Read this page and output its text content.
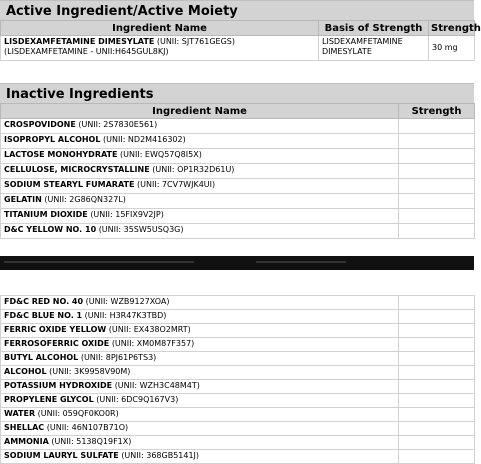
Active Ingredient/Active Moiety
Ingredient Name	Basis of Strength	Strength
LISDEXAMFETAMINE DIMESYLATE (UNII: SJT761GEGS) (LISDEXAMFETAMINE - UNII:H645GUL8KJ)	LISDEXAMFETAMINE DIMESYLATE	30 mg
Inactive Ingredients
Ingredient Name	Strength
CROSPOVIDONE (UNII: 2S7830E561)	
ISOPROPYL ALCOHOL (UNII: ND2M416302)	
LACTOSE MONOHYDRATE (UNII: EWQ57Q8I5X)	
CELLULOSE, MICROCRYSTALLINE (UNII: OP1R32D61U)	
SODIUM STEARYL FUMARATE (UNII: 7CV7WJK4UI)	
GELATIN (UNII: 2G86QN327L)	
TITANIUM DIOXIDE (UNII: 15FIX9V2JP)	
D&C YELLOW NO. 10 (UNII: 35SW5USQ3G)	
FD&C RED NO. 40 (UNII: WZB9127XOA)	
FD&C BLUE NO. 1 (UNII: H3R47K3TBD)	
FERRIC OXIDE YELLOW (UNII: EX438O2MRT)	
FERROSOFERRIC OXIDE (UNII: XM0M87F357)	
BUTYL ALCOHOL (UNII: 8PJ61P6TS3)	
ALCOHOL (UNII: 3K9958V90M)	
POTASSIUM HYDROXIDE (UNII: WZH3C48M4T)	
PROPYLENE GLYCOL (UNII: 6DC9Q167V3)	
WATER (UNII: 059QF0KO0R)	
SHELLAC (UNII: 46N107B71O)	
AMMONIA (UNII: 5138Q19F1X)	
SODIUM LAURYL SULFATE (UNII: 368GB5141J)	
